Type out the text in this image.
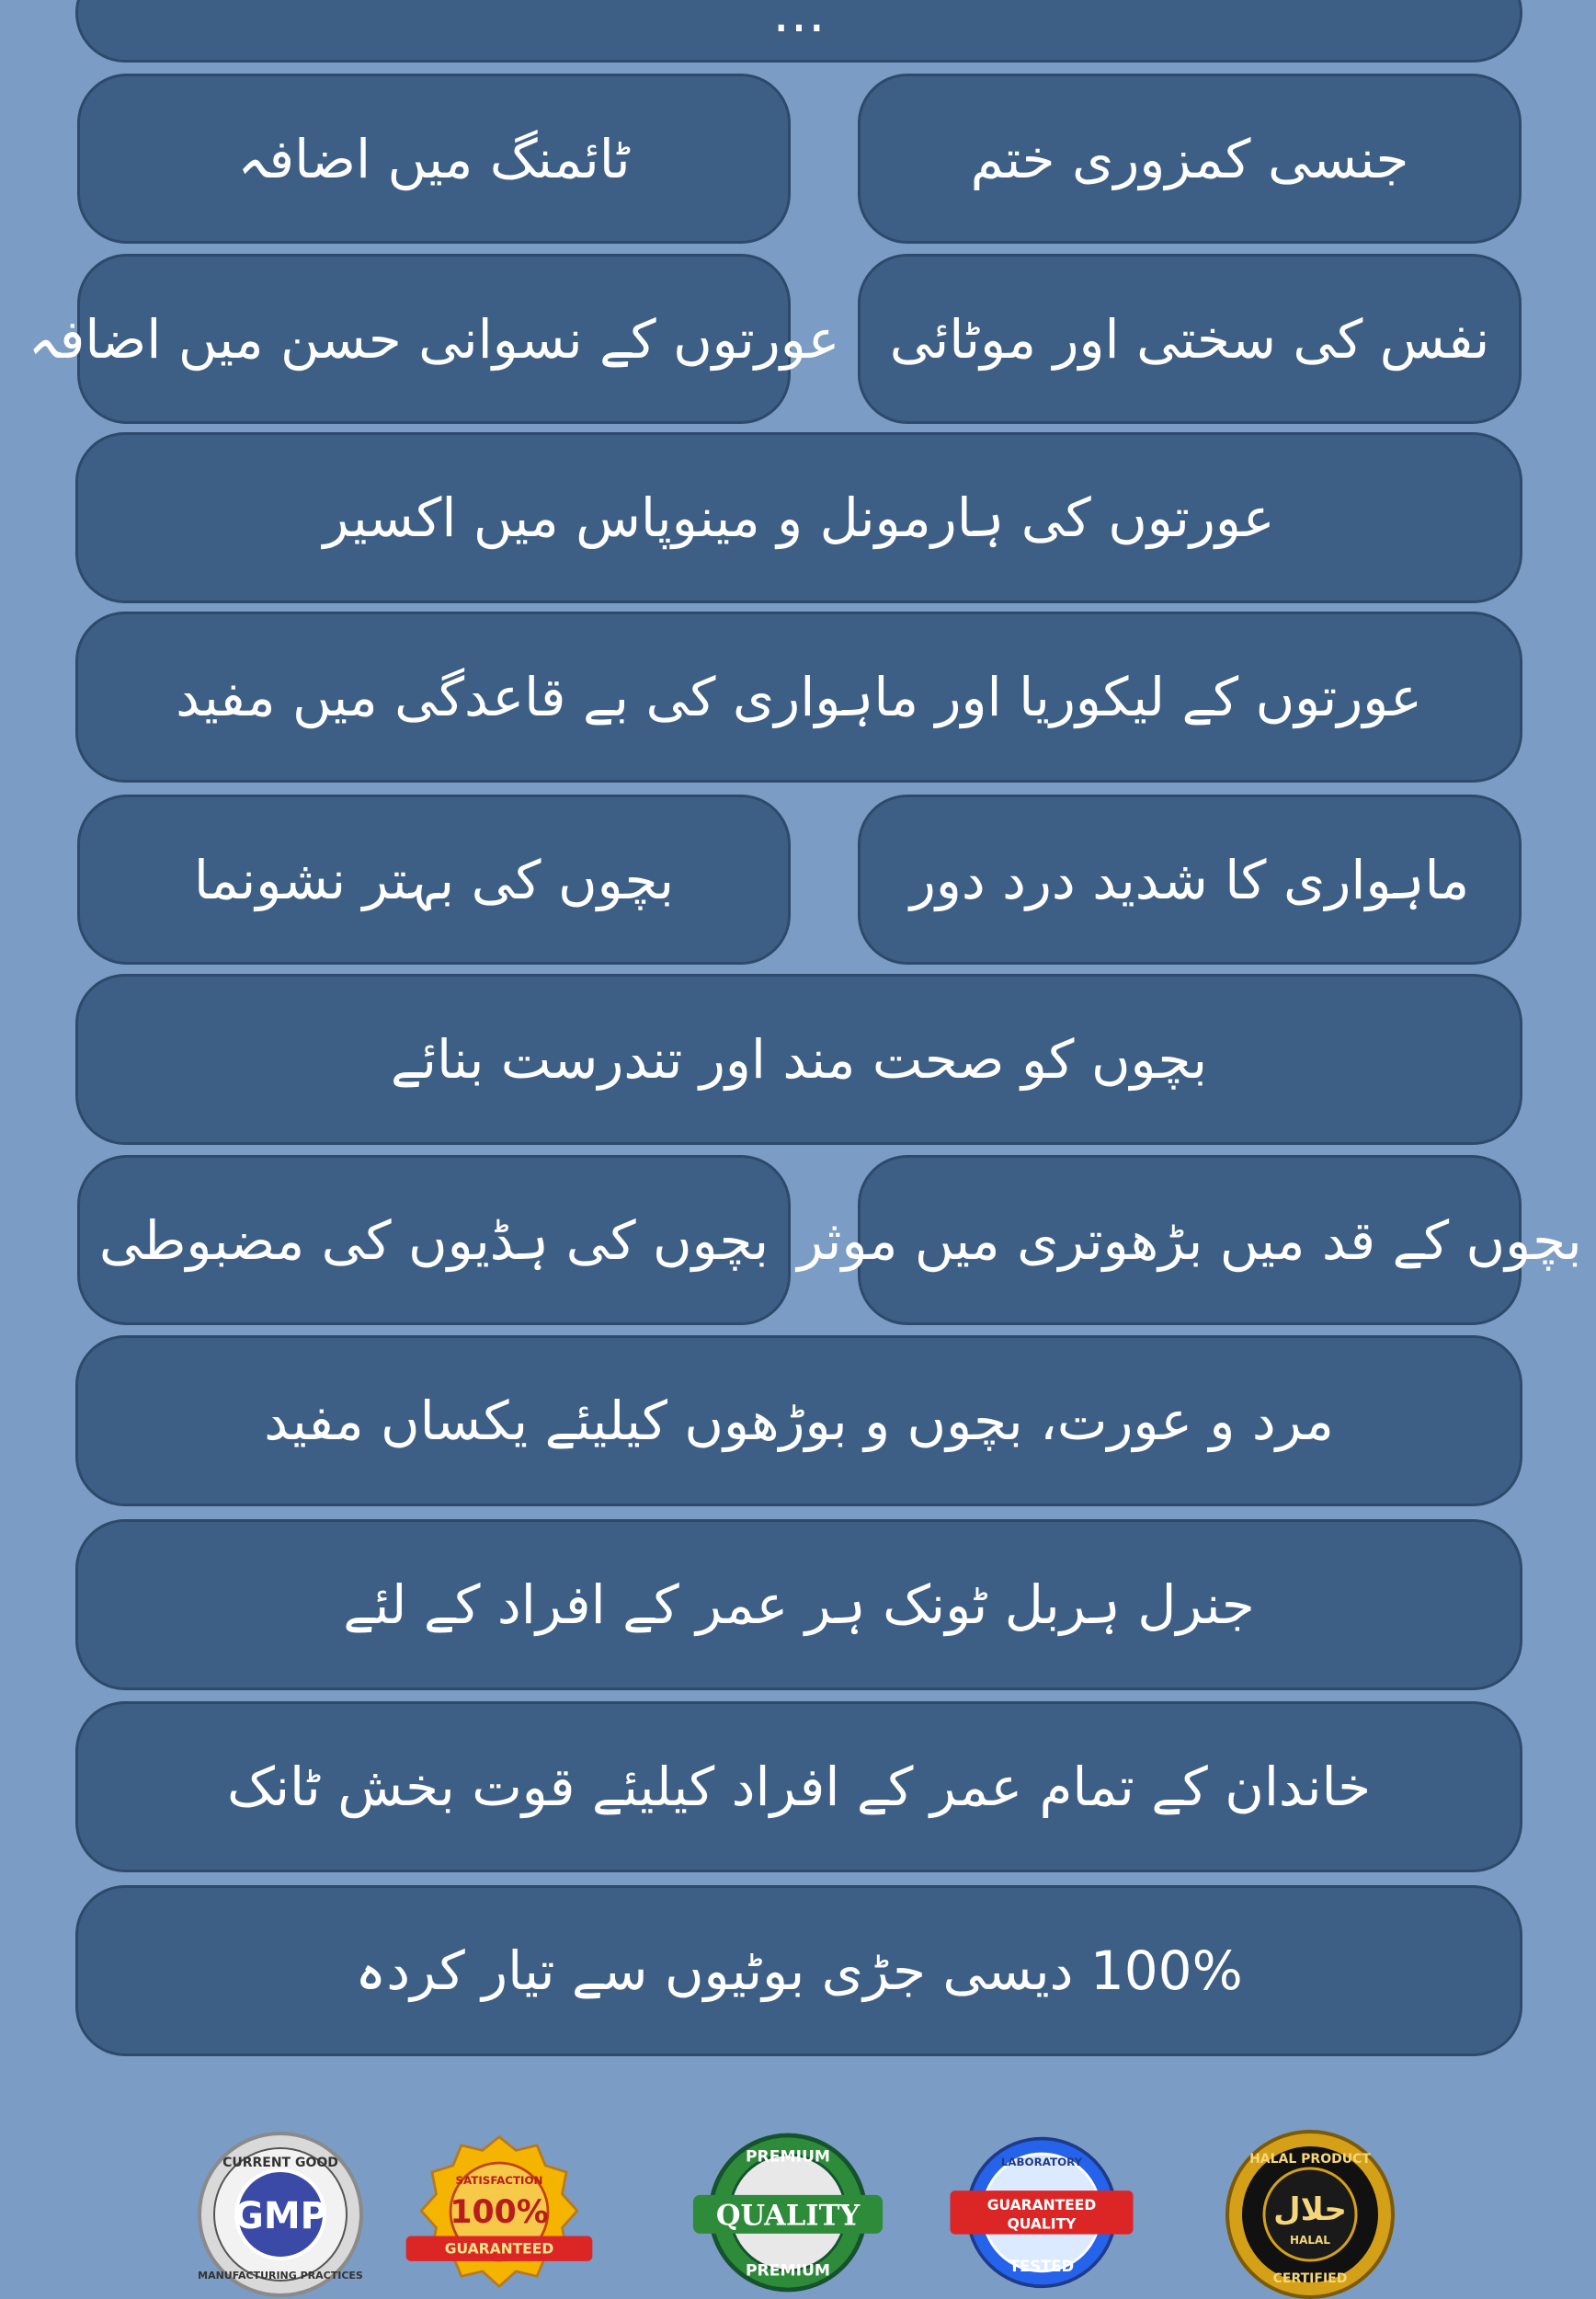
…
جنسی کمزوری ختم
ٹائمنگ میں اضافہ
نفس کی سختی اور موٹائی
عورتوں کے نسوانی حسن میں اضافہ
عورتوں کی ہارمونل و مینوپاس میں اکسیر
عورتوں کے لیکوریا اور ماہواری کی بے قاعدگی میں مفید
ماہواری کا شدید درد دور
بچوں کی بہتر نشونما
بچوں کو صحت مند اور تندرست بنائے
بچوں کے قد میں بڑھوتری میں موثر
بچوں کی ہڈیوں کی مضبوطی
مرد و عورت، بچوں و بوڑھوں کیلیئے یکساں مفید
جنرل ہربل ٹونک ہر عمر کے افراد کے لئے
خاندان کے تمام عمر کے افراد کیلیئے قوت بخش ٹانک
100% دیسی جڑی بوٹیوں سے تیار کردہ
CURRENT GOOD
GMP
MANUFACTURING PRACTICES
SATISFACTION
100%
GUARANTEED
PREMIUM
QUALITY
PREMIUM
LABORATORY
GUARANTEED
QUALITY
TESTED
HALAL PRODUCT
حلال
HALAL
CERTIFIED
